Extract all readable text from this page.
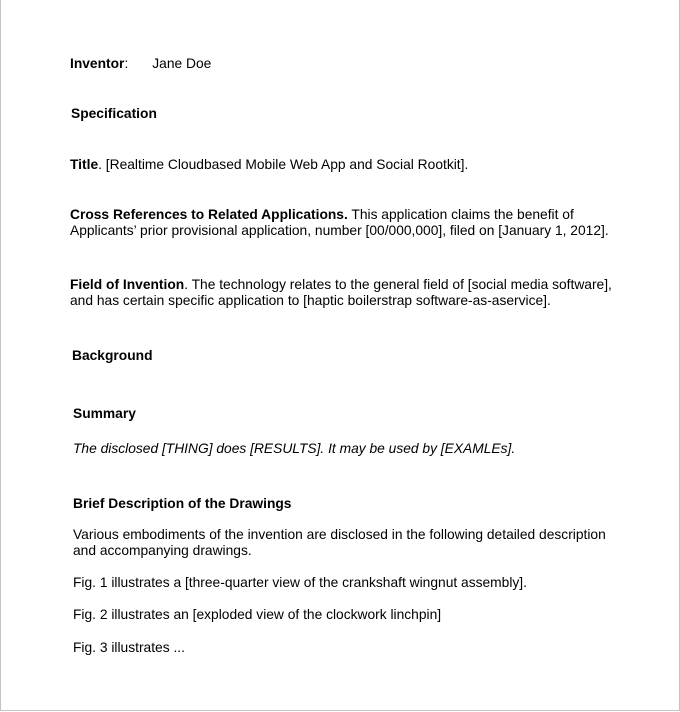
Inventor: Jane Doe

Specification

Title. [Realtime Cloudbased Mobile Web App and Social Rootkit].

Cross References to Related Applications. This application claims the benefit of

Applicants’ prior provisional application, number [00/000,000], filed on [January 1, 2012].

Field of Invention. The technology relates to the general field of [social media software],

and has certain specific application to [haptic boilerstrap software-as-aservice].

Background

Summary

The disclosed [THING] does [RESULTS]. It may be used by [EXAMLEs].

Brief Description of the Drawings

Various embodiments of the invention are disclosed in the following detailed description

and accompanying drawings.

Fig. 1 illustrates a [three-quarter view of the crankshaft wingnut assembly].

Fig. 2 illustrates an [exploded view of the clockwork linchpin]

Fig. 3 illustrates ...
